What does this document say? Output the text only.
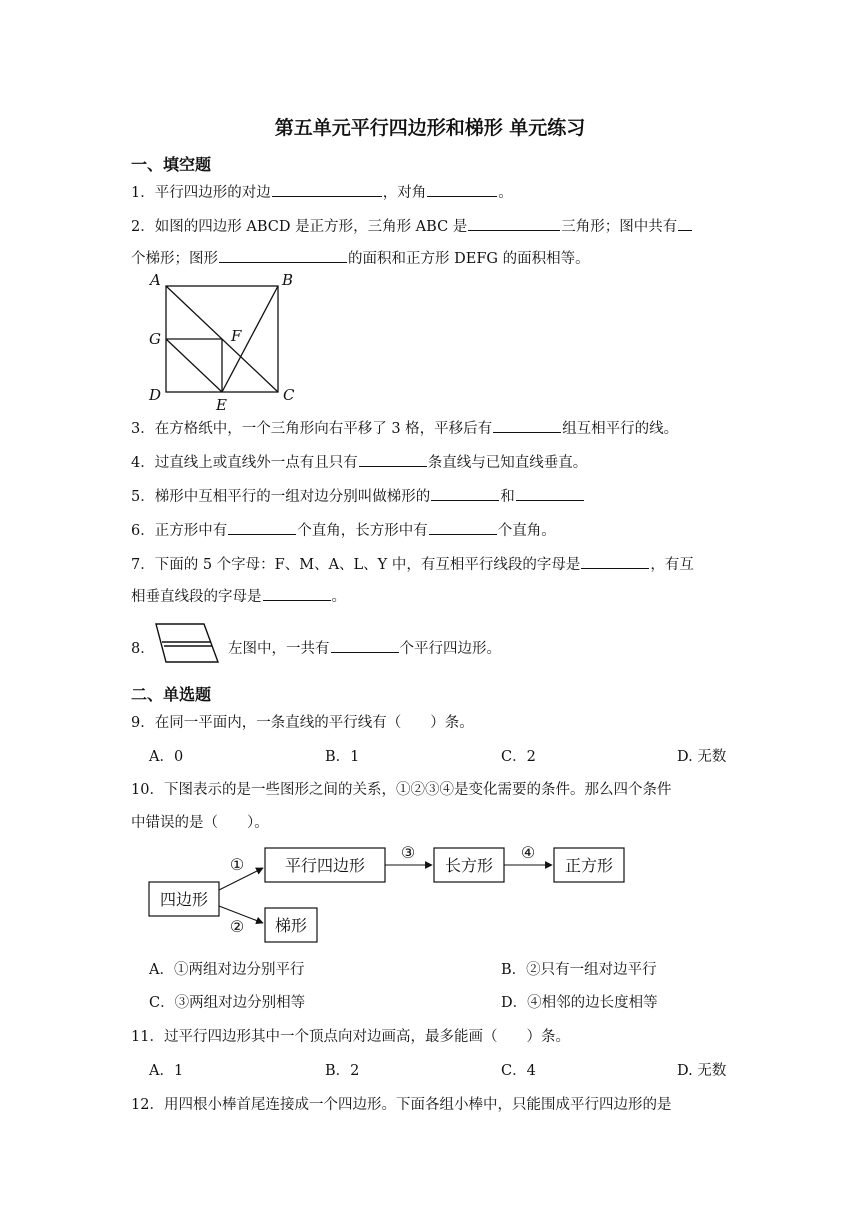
第五单元平行四边形和梯形 单元练习
一、填空题
1．平行四边形的对边	，对角	。
2．如图的四边形 ABCD 是正方形，三角形 ABC 是	三角形；图中共有
个梯形；图形	的面积和正方形 DEFG 的面积相等。
A	B
G	F
D	C
E
3．在方格纸中，一个三角形向右平移了 3 格，平移后有	组互相平行的线。
4．过直线上或直线外一点有且只有	条直线与已知直线垂直。
5．梯形中互相平行的一组对边分别叫做梯形的	和
6．正方形中有	个直角，长方形中有	个直角。
7．下面的 5 个字母：F、M、A、L、Y 中，有互相平行线段的字母是	，有互
相垂直线段的字母是	。
8．	左图中，一共有	个平行四边形。
二、单选题
9．在同一平面内，一条直线的平行线有（　　）条。
A．0	B．1	C．2	D. 无数
10．下图表示的是一些图形之间的关系，①②③④是变化需要的条件。那么四个条件
中错误的是（　　）。
四边形
平行四边形	长方形	正方形
梯形
①
②
③	④
A．①两组对边分别平行	B．②只有一组对边平行
C．③两组对边分别相等	D．④相邻的边长度相等
11．过平行四边形其中一个顶点向对边画高，最多能画（　　）条。
A．1	B．2	C．4	D. 无数
12．用四根小棒首尾连接成一个四边形。下面各组小棒中，只能围成平行四边形的是
